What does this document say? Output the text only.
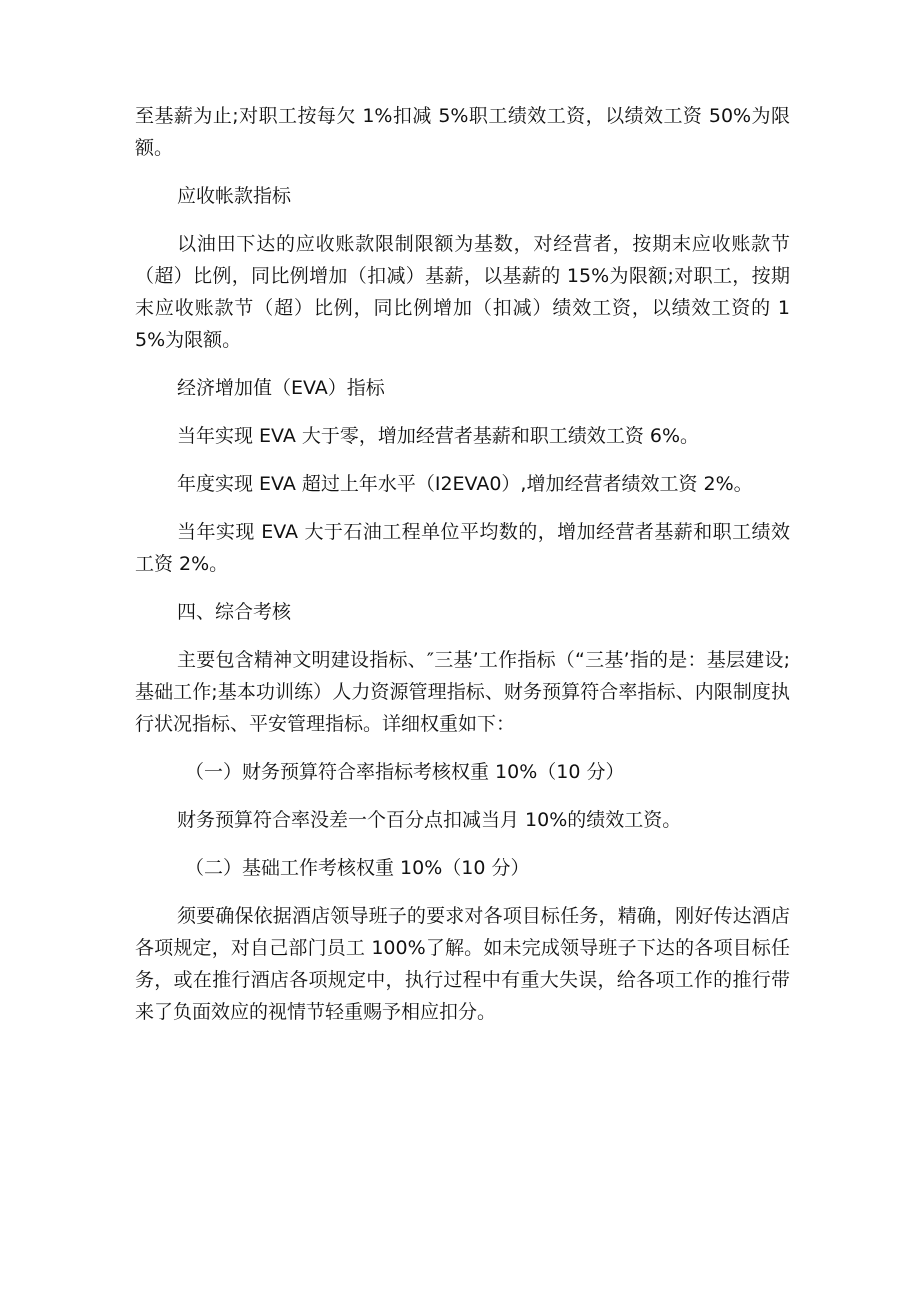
至基薪为止;对职工按每欠 1%扣减 5%职工绩效工资，以绩效工资 50%为限额。

应收帐款指标

以油田下达的应收账款限制限额为基数，对经营者，按期末应收账款节（超）比例，同比例增加（扣减）基薪，以基薪的 15%为限额;对职工，按期末应收账款节（超）比例，同比例增加（扣减）绩效工资，以绩效工资的 15%为限额。

经济增加值（EVA）指标

当年实现 EVA 大于零，增加经营者基薪和职工绩效工资 6%。

年度实现 EVA 超过上年水平（I2EVA0）,增加经营者绩效工资 2%。

当年实现 EVA 大于石油工程单位平均数的，增加经营者基薪和职工绩效工资 2%。

四、综合考核

主要包含精神文明建设指标、″三基’工作指标（“三基’指的是：基层建设;基础工作;基本功训练）人力资源管理指标、财务预算符合率指标、内限制度执行状况指标、平安管理指标。详细权重如下：

（一）财务预算符合率指标考核权重 10%（10 分）

财务预算符合率没差一个百分点扣减当月 10%的绩效工资。

（二）基础工作考核权重 10%（10 分）

须要确保依据酒店领导班子的要求对各项目标任务，精确，刚好传达酒店各项规定，对自己部门员工 100%了解。如未完成领导班子下达的各项目标任务，或在推行酒店各项规定中，执行过程中有重大失误，给各项工作的推行带来了负面效应的视情节轻重赐予相应扣分。
